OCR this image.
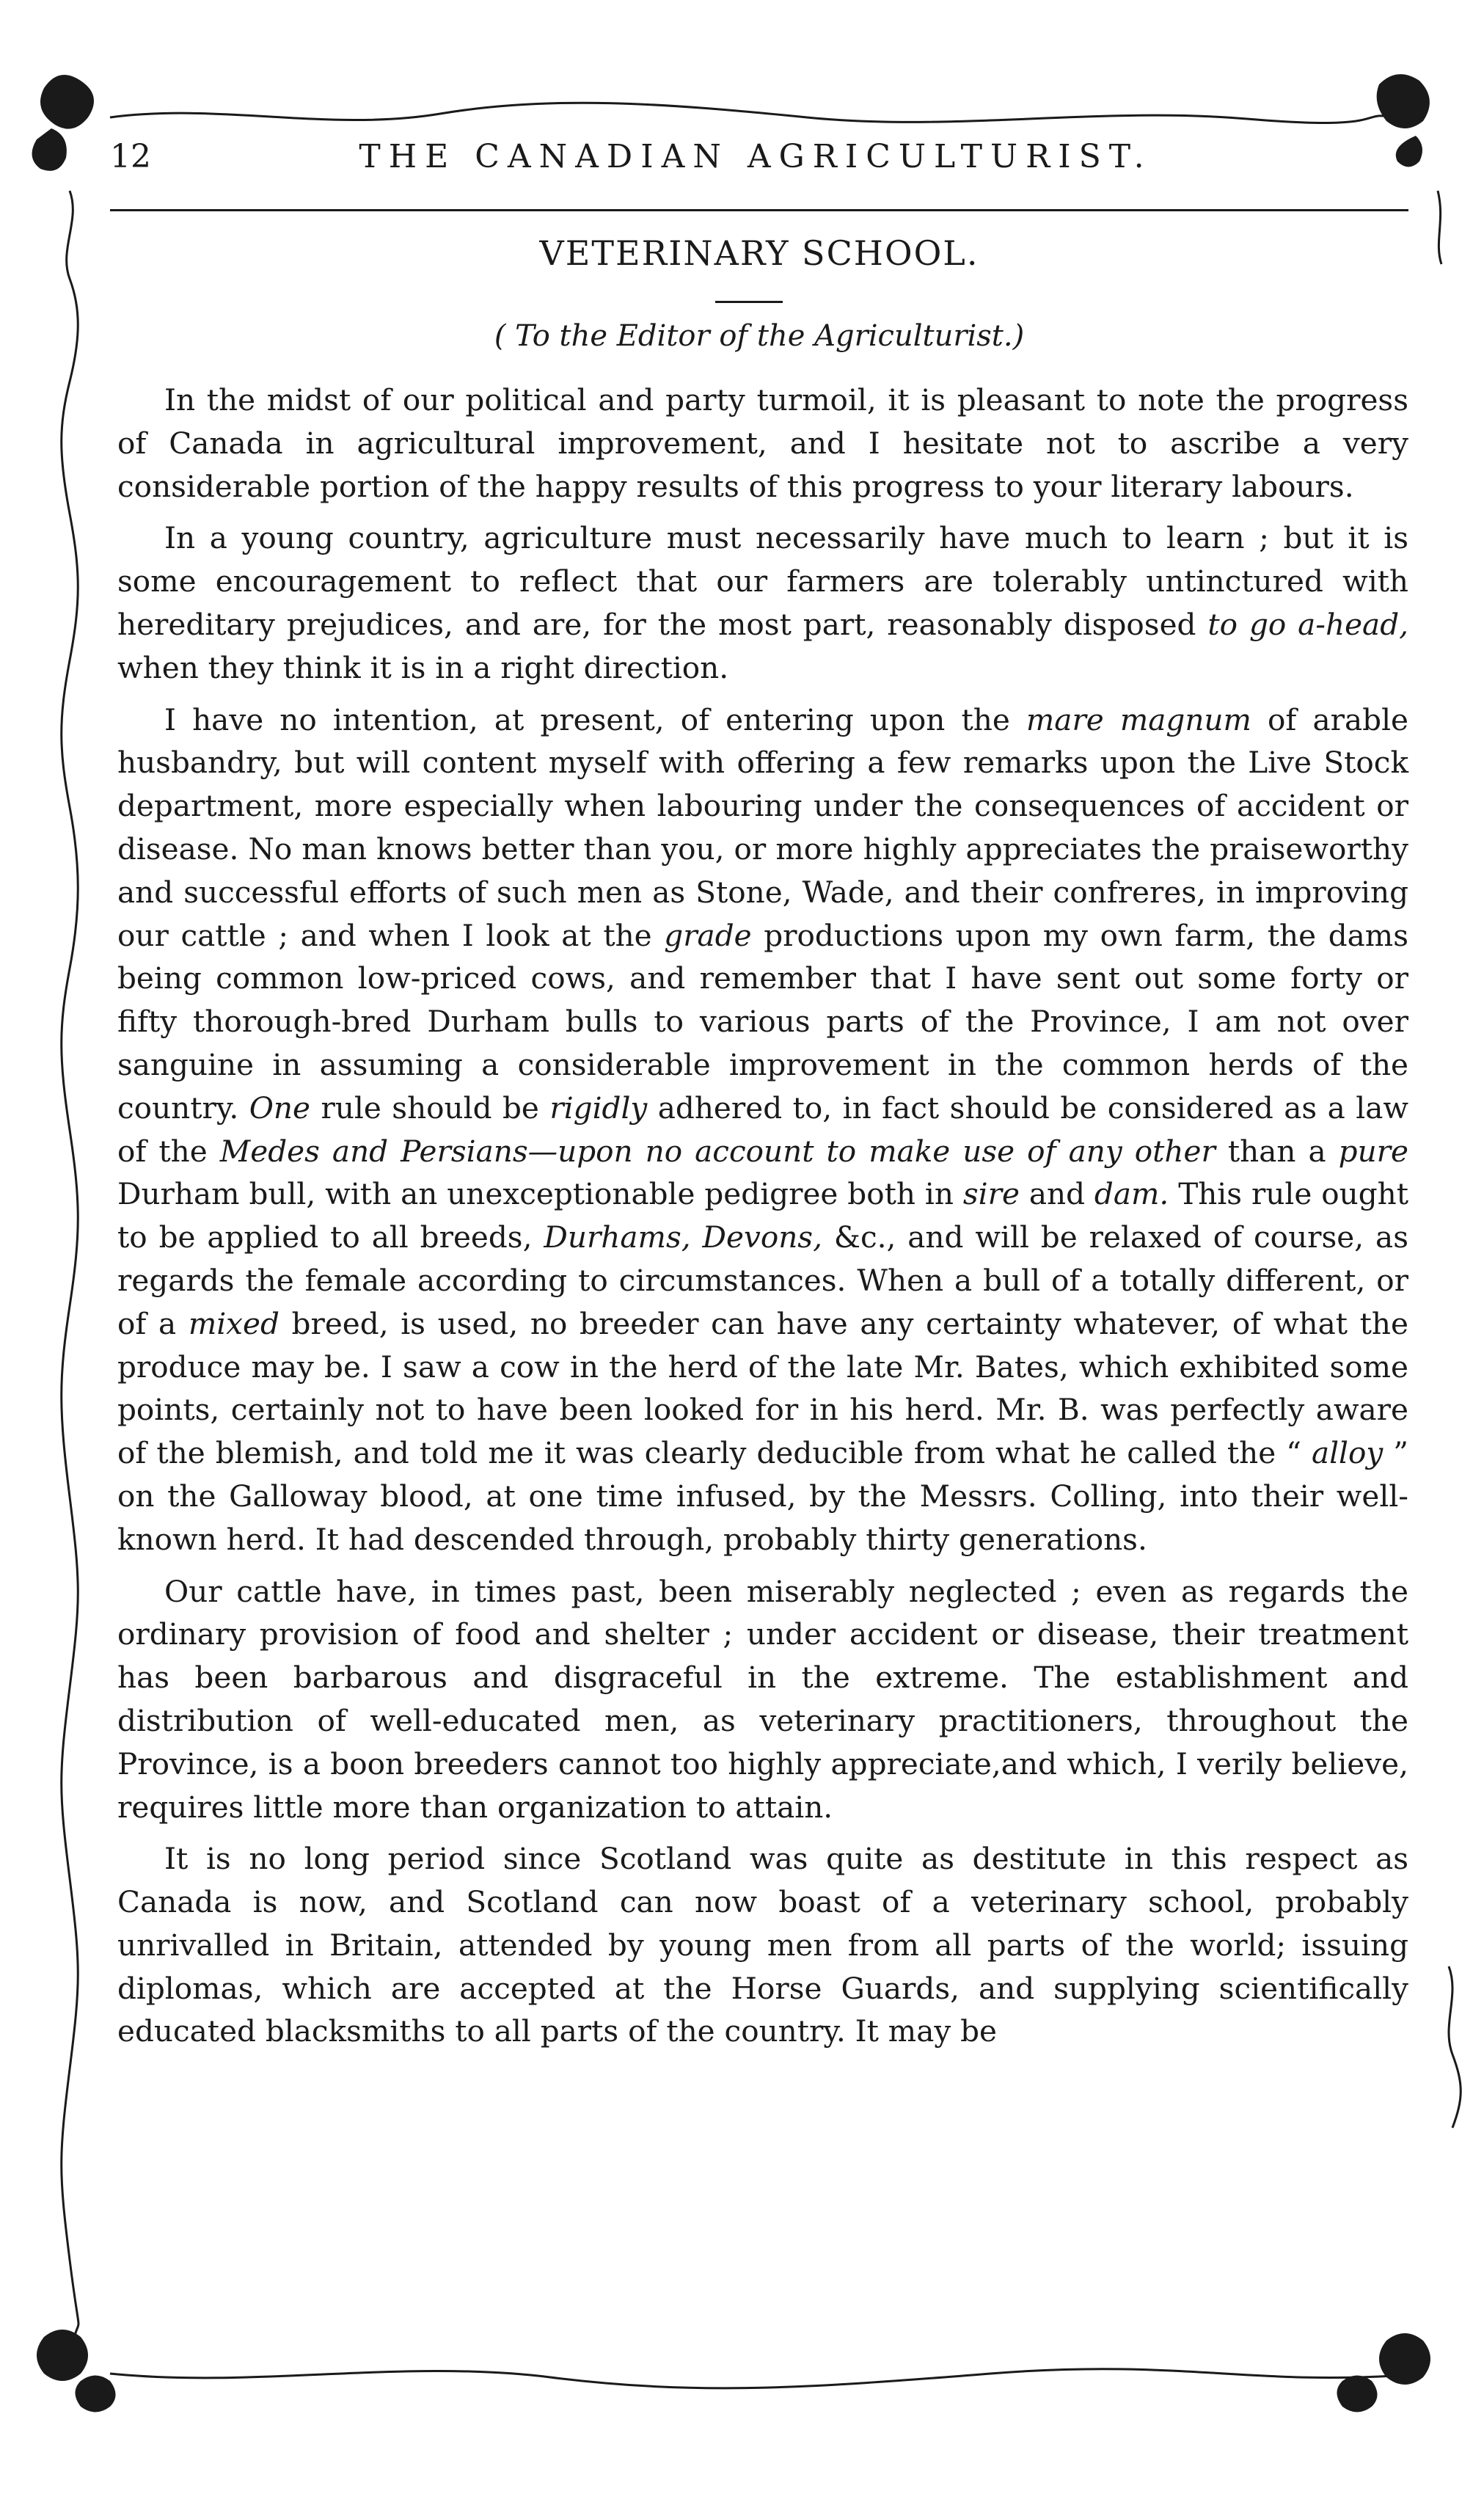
12	THE CANADIAN AGRICULTURIST.
VETERINARY SCHOOL.
( To the Editor of the Agriculturist.)

In the midst of our political and party turmoil, it is pleasant to note the progress of Canada in agricultural improvement, and I hesitate not to ascribe a very considerable portion of the happy results of this progress to your literary labours.

In a young country, agriculture must necessarily have much to learn ; but it is some encouragement to reflect that our farmers are tolerably untinctured with hereditary prejudices, and are, for the most part, reasonably disposed to go a-head, when they think it is in a right direction.

I have no intention, at present, of entering upon the mare magnum of arable husbandry, but will content myself with offering a few remarks upon the Live Stock department, more especially when labouring under the consequences of accident or disease. No man knows better than you, or more highly appreciates the praiseworthy and successful efforts of such men as Stone, Wade, and their confreres, in improving our cattle ; and when I look at the grade productions upon my own farm, the dams being common low-priced cows, and remember that I have sent out some forty or fifty thorough-bred Durham bulls to various parts of the Province, I am not over sanguine in assuming a considerable improvement in the common herds of the country. One rule should be rigidly adhered to, in fact should be considered as a law of the Medes and Persians—upon no account to make use of any other than a pure Durham bull, with an unexceptionable pedigree both in sire and dam. This rule ought to be applied to all breeds, Durhams, Devons, &c., and will be relaxed of course, as regards the female according to circumstances. When a bull of a totally different, or of a mixed breed, is used, no breeder can have any certainty whatever, of what the produce may be. I saw a cow in the herd of the late Mr. Bates, which exhibited some points, certainly not to have been looked for in his herd. Mr. B. was perfectly aware of the blemish, and told me it was clearly deducible from what he called the “ alloy ” on the Galloway blood, at one time infused, by the Messrs. Colling, into their well-known herd. It had descended through, probably thirty generations.

Our cattle have, in times past, been miserably neglected ; even as regards the ordinary provision of food and shelter ; under accident or disease, their treatment has been barbarous and disgraceful in the extreme. The establishment and distribution of well-educated men, as veterinary practitioners, throughout the Province, is a boon breeders cannot too highly appreciate,and which, I verily believe, requires little more than organization to attain.

It is no long period since Scotland was quite as destitute in this respect as Canada is now, and Scotland can now boast of a veterinary school, probably unrivalled in Britain, attended by young men from all parts of the world; issuing diplomas, which are accepted at the Horse Guards, and supplying scientifically educated blacksmiths to all parts of the country. It may be
